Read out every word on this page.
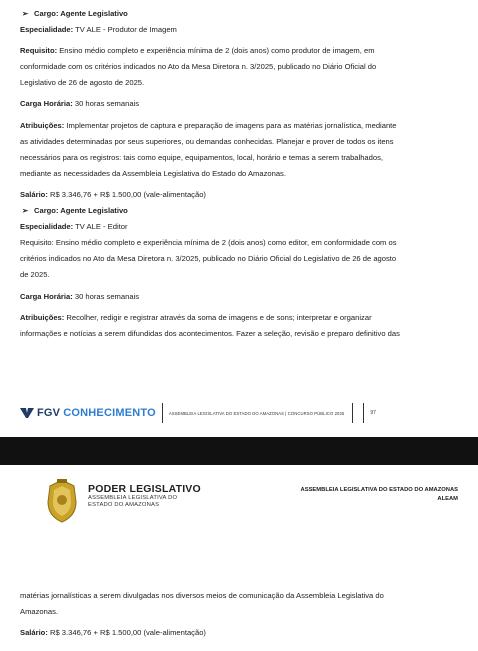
➢ Cargo: Agente Legislativo

Especialidade: TV ALE - Produtor de Imagem

Requisito: Ensino médio completo e experiência mínima de 2 (dois anos) como produtor de imagem, em

conformidade com os critérios indicados no Ato da Mesa Diretora n. 3/2025, publicado no Diário Oficial do

Legislativo de 26 de agosto de 2025.

Carga Horária: 30 horas semanais

Atribuições: Implementar projetos de captura e preparação de imagens para as matérias jornalística, mediante

as atividades determinadas por seus superiores, ou demandas conhecidas. Planejar e prover de todos os itens

necessários para os registros: tais como equipe, equipamentos, local, horário e temas a serem trabalhados,

mediante as necessidades da Assembleia Legislativa do Estado do Amazonas.

Salário: R$ 3.346,76 + R$ 1.500,00 (vale-alimentação)

➢ Cargo: Agente Legislativo

Especialidade: TV ALE - Editor

Requisito: Ensino médio completo e experiência mínima de 2 (dois anos) como editor, em conformidade com os

critérios indicados no Ato da Mesa Diretora n. 3/2025, publicado no Diário Oficial do Legislativo de 26 de agosto

de 2025.

Carga Horária: 30 horas semanais

Atribuições: Recolher, redigir e registrar através da soma de imagens e de sons; interpretar e organizar

informações e notícias a serem difundidas dos acontecimentos. Fazer a seleção, revisão e preparo definitivo das

FGV CONHECIMENTO	ASSEMBLEIA LEGISLATIVA DO ESTADO DO AMAZONAS | CONCURSO PÚBLICO 2025	97
PODER LEGISLATIVO
ASSEMBLEIA LEGISLATIVA DO
ESTADO DO AMAZONAS
ASSEMBLEIA LEGISLATIVA DO ESTADO DO AMAZONAS
ALEAM

matérias jornalísticas a serem divulgadas nos diversos meios de comunicação da Assembleia Legislativa do

Amazonas.

Salário: R$ 3.346,76 + R$ 1.500,00 (vale-alimentação)
